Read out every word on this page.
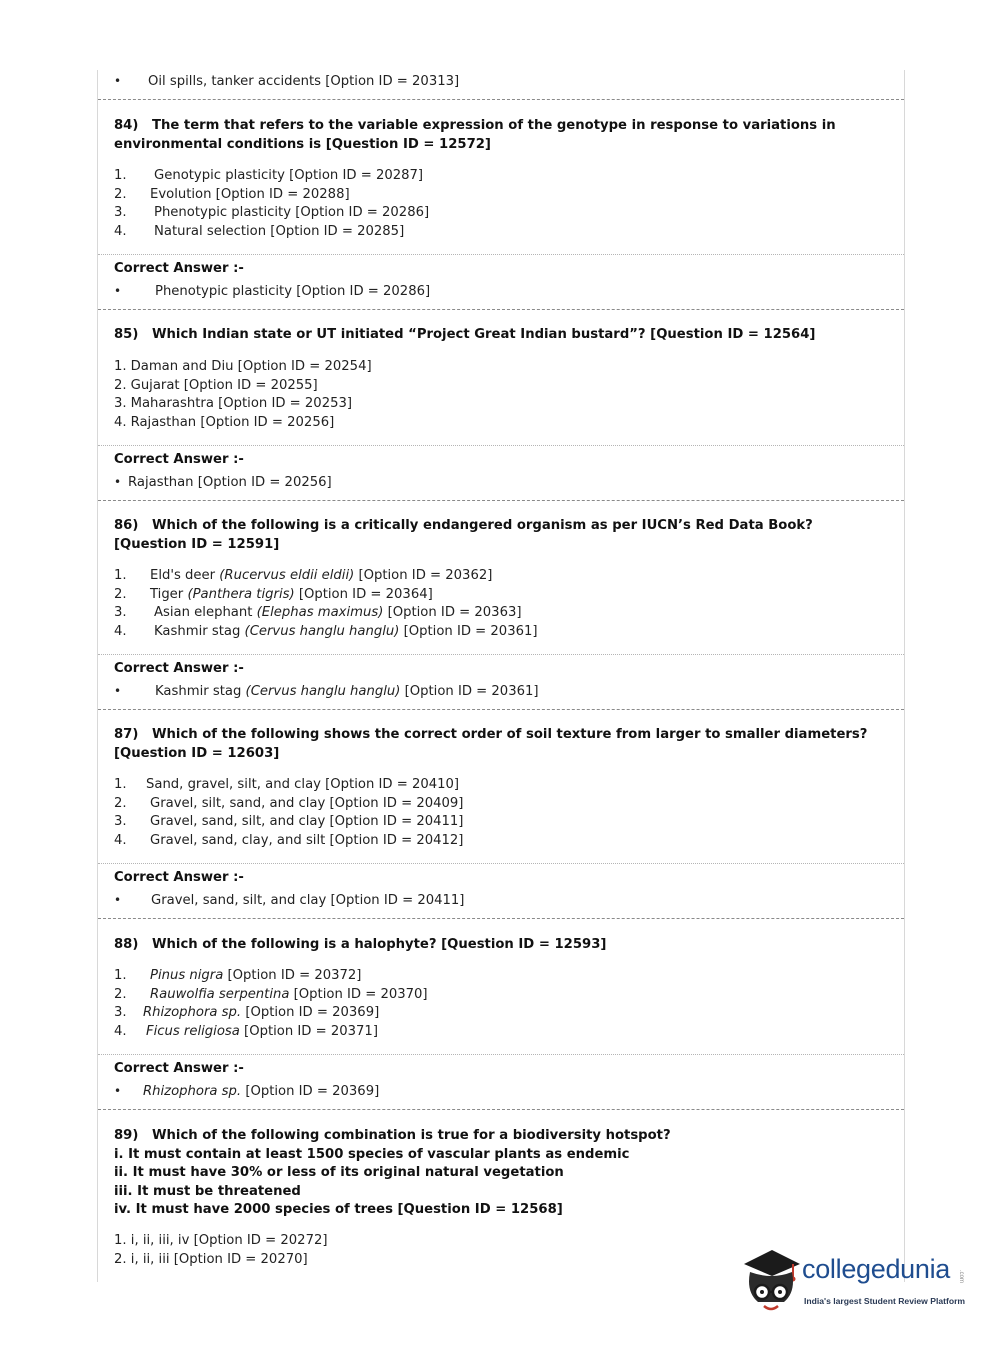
• Oil spills, tanker accidents [Option ID = 20313]
84) The term that refers to the variable expression of the genotype in response to variations in environmental conditions is [Question ID = 12572]
1. Genotypic plasticity [Option ID = 20287]
2. Evolution [Option ID = 20288]
3. Phenotypic plasticity [Option ID = 20286]
4. Natural selection [Option ID = 20285]
Correct Answer :-
•	Phenotypic plasticity [Option ID = 20286]
85) Which Indian state or UT initiated “Project Great Indian bustard”? [Question ID = 12564]
1. Daman and Diu [Option ID = 20254]
2. Gujarat [Option ID = 20255]
3. Maharashtra [Option ID = 20253]
4. Rajasthan [Option ID = 20256]
Correct Answer :-
• Rajasthan [Option ID = 20256]
86) Which of the following is a critically endangered organism as per IUCN’s Red Data Book? [Question ID = 12591]
1. Eld's deer (Rucervus eldii eldii) [Option ID = 20362]
2. Tiger (Panthera tigris) [Option ID = 20364]
3. Asian elephant (Elephas maximus) [Option ID = 20363]
4. Kashmir stag (Cervus hanglu hanglu) [Option ID = 20361]
Correct Answer :-
•	Kashmir stag (Cervus hanglu hanglu) [Option ID = 20361]
87) Which of the following shows the correct order of soil texture from larger to smaller diameters? [Question ID = 12603]
1. Sand, gravel, silt, and clay [Option ID = 20410]
2. Gravel, silt, sand, and clay [Option ID = 20409]
3. Gravel, sand, silt, and clay [Option ID = 20411]
4. Gravel, sand, clay, and silt [Option ID = 20412]
Correct Answer :-
• Gravel, sand, silt, and clay [Option ID = 20411]
88) Which of the following is a halophyte? [Question ID = 12593]
1. Pinus nigra [Option ID = 20372]
2. Rauwolfia serpentina [Option ID = 20370]
3. Rhizophora sp. [Option ID = 20369]
4. Ficus religiosa [Option ID = 20371]
Correct Answer :-
• Rhizophora sp. [Option ID = 20369]
89) Which of the following combination is true for a biodiversity hotspot?
i. It must contain at least 1500 species of vascular plants as endemic
ii. It must have 30% or less of its original natural vegetation
iii. It must be threatened
iv. It must have 2000 species of trees [Question ID = 12568]
1. i, ii, iii, iv [Option ID = 20272]
2. i, ii, iii [Option ID = 20270]	collegedunia .com
India's largest Student Review Platform
